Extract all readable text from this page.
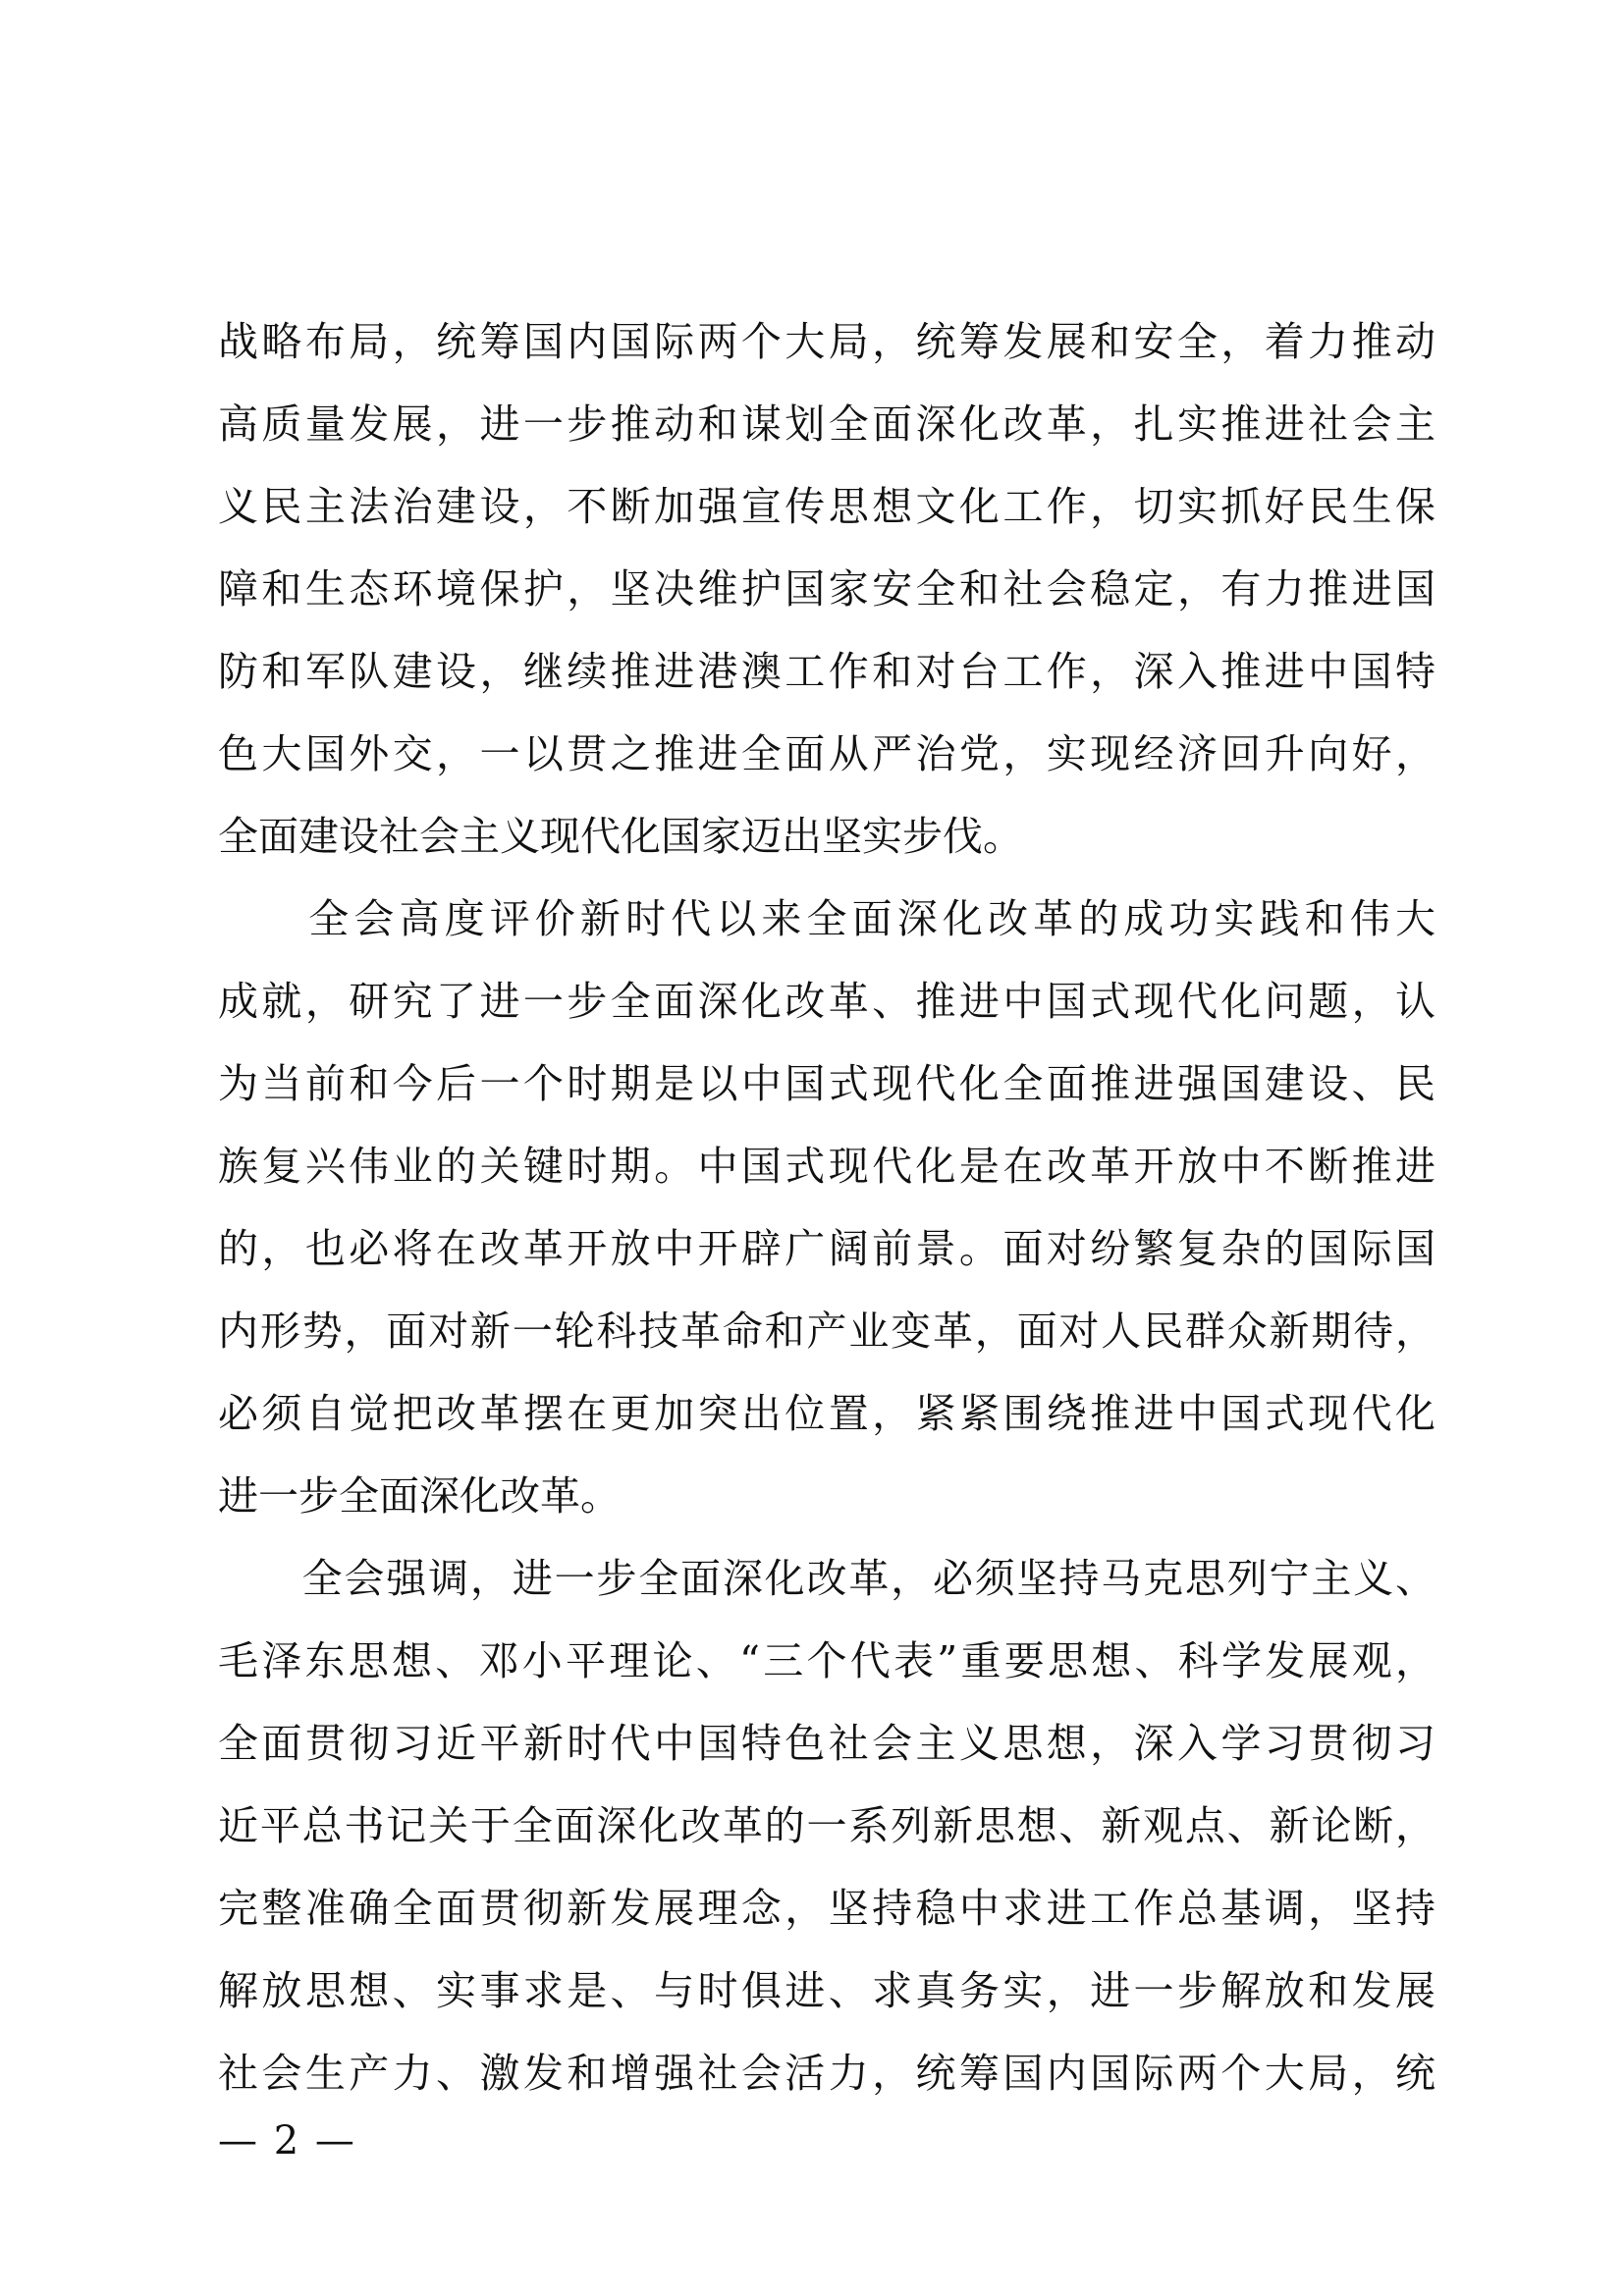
战略布局，统筹国内国际两个大局，统筹发展和安全，着力推动
高质量发展，进一步推动和谋划全面深化改革，扎实推进社会主
义民主法治建设，不断加强宣传思想文化工作，切实抓好民生保
障和生态环境保护，坚决维护国家安全和社会稳定，有力推进国
防和军队建设，继续推进港澳工作和对台工作，深入推进中国特
色大国外交，一以贯之推进全面从严治党，实现经济回升向好，
全面建设社会主义现代化国家迈出坚实步伐。
　　全会高度评价新时代以来全面深化改革的成功实践和伟大
成就，研究了进一步全面深化改革、推进中国式现代化问题，认
为当前和今后一个时期是以中国式现代化全面推进强国建设、民
族复兴伟业的关键时期。中国式现代化是在改革开放中不断推进
的，也必将在改革开放中开辟广阔前景。面对纷繁复杂的国际国
内形势，面对新一轮科技革命和产业变革，面对人民群众新期待，
必须自觉把改革摆在更加突出位置，紧紧围绕推进中国式现代化
进一步全面深化改革。
　　全会强调，进一步全面深化改革，必须坚持马克思列宁主义、
毛泽东思想、邓小平理论、“三个代表”重要思想、科学发展观，
全面贯彻习近平新时代中国特色社会主义思想，深入学习贯彻习
近平总书记关于全面深化改革的一系列新思想、新观点、新论断，
完整准确全面贯彻新发展理念，坚持稳中求进工作总基调，坚持
解放思想、实事求是、与时俱进、求真务实，进一步解放和发展
社会生产力、激发和增强社会活力，统筹国内国际两个大局，统
— 2 —
